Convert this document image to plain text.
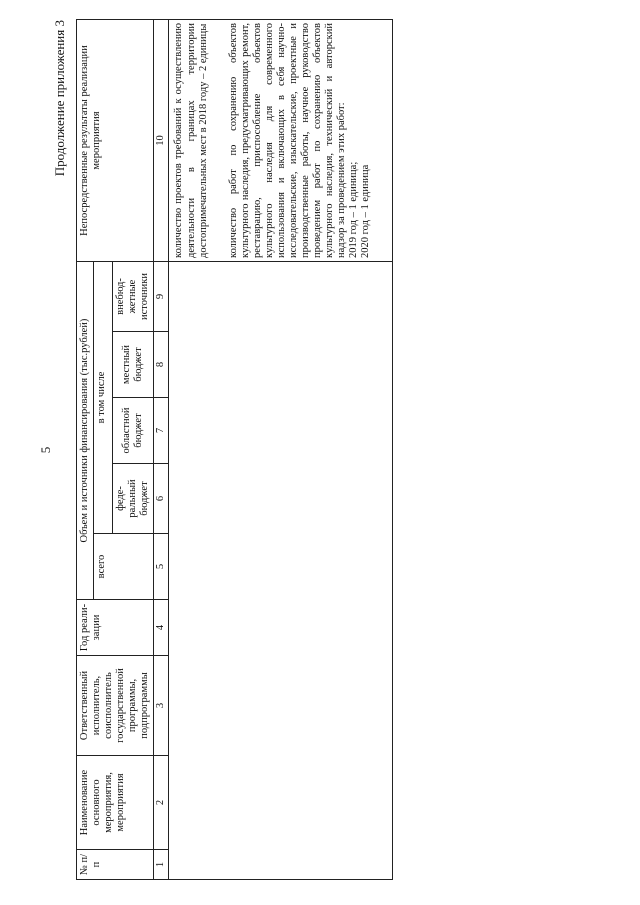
5
Продолжение приложения 3
№ п/п	Наименование основного мероприятия, мероприятия	Ответственный исполнитель, соисполнитель государственной программы, подпрограммы	Год реали-зации	Объем и источники финансирования (тыс.рублей)					Непосредственные результаты реализации мероприятия
				всего	в том числе				
					феде-ральный бюджет	областной бюджет	местный бюджет	внебюд-жетные источники	
1	2	3	4	5	6	7	8	9	10

									количество проектов требований к осуществлению деятельности в границах территории достопримечательных мест в 2018 году – 2 единицы количество работ по сохранению объектов культурного наследия, предусматривающих ремонт, реставрацию, приспособление объектов культурного наследия для современного использования и включающих в себя научно-исследовательские, изыскательские, проектные и производственные работы, научное руководство проведением работ по сохранению объектов культурного наследия, технический и авторский надзор за проведением этих работ: 2019 год – 1 единица; 2020 год – 1 единица
